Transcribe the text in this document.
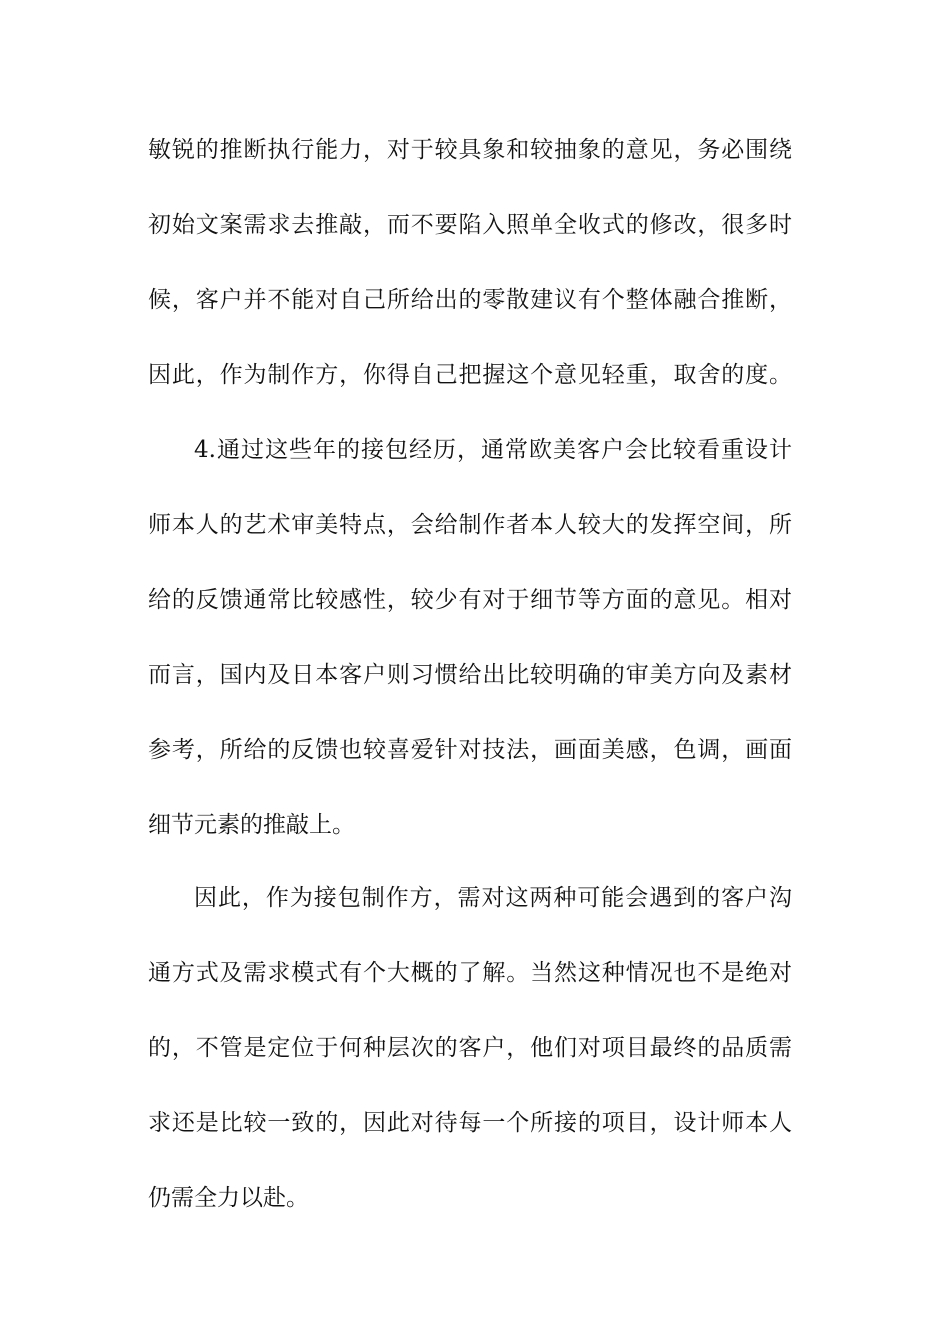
敏锐的推断执行能力，对于较具象和较抽象的意见，务必围绕
初始文案需求去推敲，而不要陷入照单全收式的修改，很多时
候，客户并不能对自己所给出的零散建议有个整体融合推断，
因此，作为制作方，你得自己把握这个意见轻重，取舍的度。
4.通过这些年的接包经历，通常欧美客户会比较看重设计
师本人的艺术审美特点，会给制作者本人较大的发挥空间，所
给的反馈通常比较感性，较少有对于细节等方面的意见。相对
而言，国内及日本客户则习惯给出比较明确的审美方向及素材
参考，所给的反馈也较喜爱针对技法，画面美感，色调，画面
细节元素的推敲上。
因此，作为接包制作方，需对这两种可能会遇到的客户沟
通方式及需求模式有个大概的了解。当然这种情况也不是绝对
的，不管是定位于何种层次的客户，他们对项目最终的品质需
求还是比较一致的，因此对待每一个所接的项目，设计师本人
仍需全力以赴。
